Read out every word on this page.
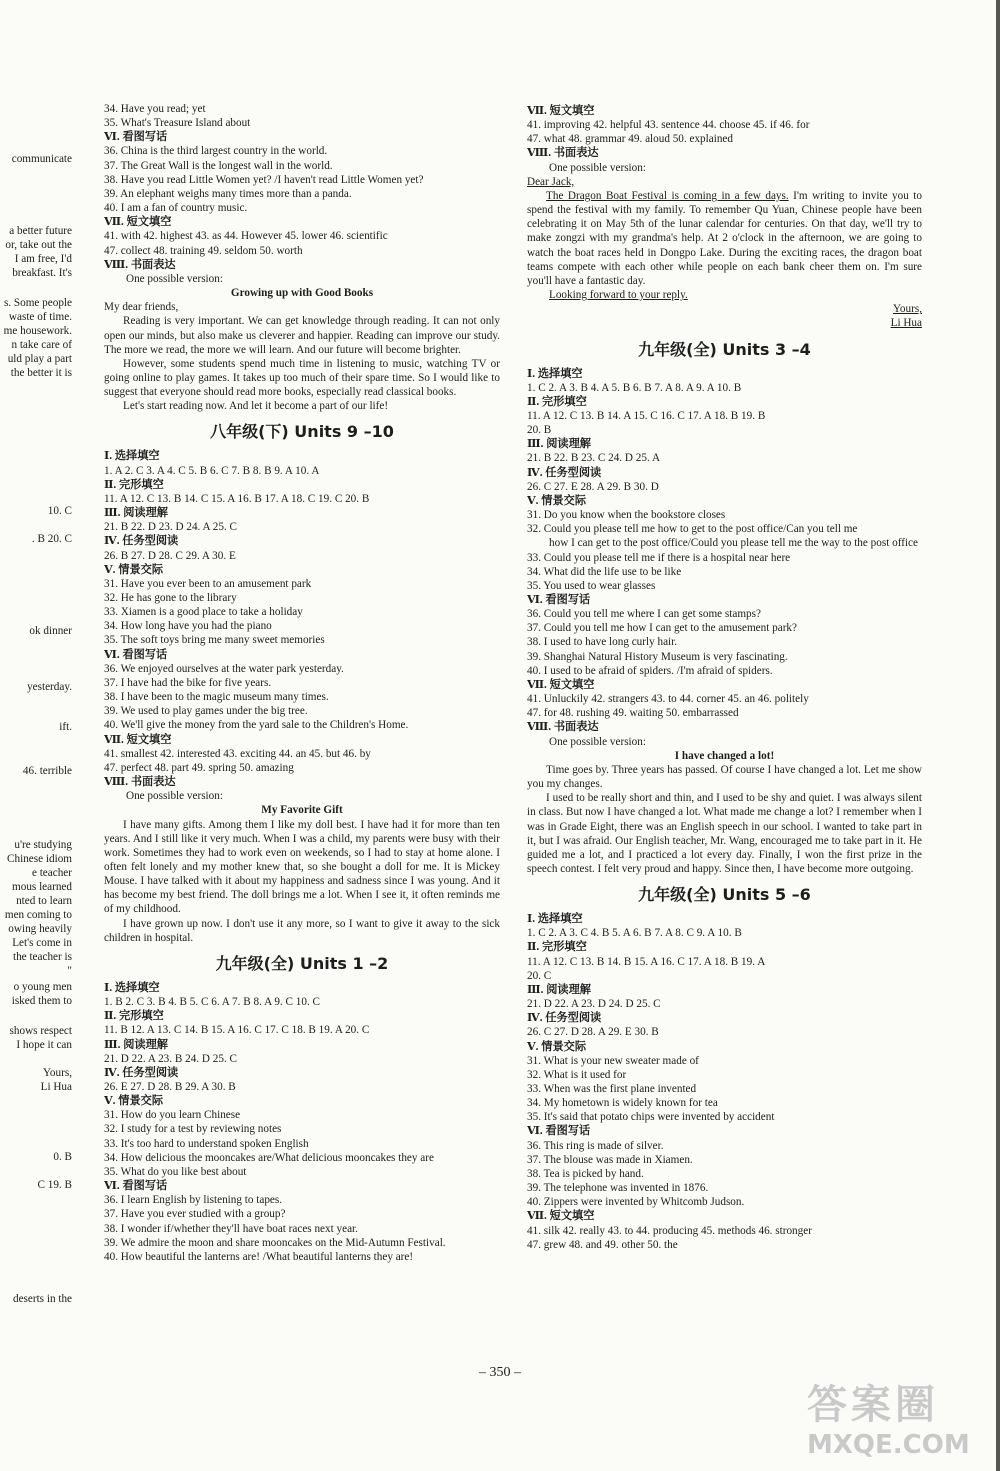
communicate
a better future
or, take out the
I am free, I'd
breakfast. It's
s. Some people
waste of time.
me housework.
n take care of
uld play a part
the better it is
10. C
. B 20. C
ok dinner
yesterday.
ift.
46. terrible
u're studying
Chinese idiom
e teacher
mous learned
nted to learn
men coming to
owing heavily
Let's come in
the teacher is
"
o young men
isked them to
shows respect
I hope it can
Yours,
Li Hua
0. B
C 19. B
deserts in the
34. Have you read; yet
35. What's Treasure Island about
Ⅵ. 看图写话
36. China is the third largest country in the world.
37. The Great Wall is the longest wall in the world.
38. Have you read Little Women yet? /I haven't read Little Women yet?
39. An elephant weighs many times more than a panda.
40. I am a fan of country music.
Ⅶ. 短文填空
41. with 42. highest 43. as 44. However 45. lower 46. scientific
47. collect 48. training 49. seldom 50. worth
Ⅷ. 书面表达
One possible version:
Growing up with Good Books
My dear friends,
Reading is very important. We can get knowledge through reading. It can not only open our minds, but also make us cleverer and happier. Reading can improve our study. The more we read, the more we will learn. And our future will become brighter.
However, some students spend much time in listening to music, watching TV or going online to play games. It takes up too much of their spare time. So I would like to suggest that everyone should read more books, especially read classical books.
Let's start reading now. And let it become a part of our life!
八年级(下) Units 9 –10
Ⅰ. 选择填空
1. A 2. C 3. A 4. C 5. B 6. C 7. B 8. B 9. A 10. A
Ⅱ. 完形填空
11. A 12. C 13. B 14. C 15. A 16. B 17. A 18. C 19. C 20. B
Ⅲ. 阅读理解
21. B 22. D 23. D 24. A 25. C
Ⅳ. 任务型阅读
26. B 27. D 28. C 29. A 30. E
Ⅴ. 情景交际
31. Have you ever been to an amusement park
32. He has gone to the library
33. Xiamen is a good place to take a holiday
34. How long have you had the piano
35. The soft toys bring me many sweet memories
Ⅵ. 看图写话
36. We enjoyed ourselves at the water park yesterday.
37. I have had the bike for five years.
38. I have been to the magic museum many times.
39. We used to play games under the big tree.
40. We'll give the money from the yard sale to the Children's Home.
Ⅶ. 短文填空
41. smallest 42. interested 43. exciting 44. an 45. but 46. by
47. perfect 48. part 49. spring 50. amazing
Ⅷ. 书面表达
One possible version:
My Favorite Gift
I have many gifts. Among them I like my doll best. I have had it for more than ten years. And I still like it very much. When I was a child, my parents were busy with their work. Sometimes they had to work even on weekends, so I had to stay at home alone. I often felt lonely and my mother knew that, so she bought a doll for me. It is Mickey Mouse. I have talked with it about my happiness and sadness since I was young. And it has become my best friend. The doll brings me a lot. When I see it, it often reminds me of my childhood.
I have grown up now. I don't use it any more, so I want to give it away to the sick children in hospital.
九年级(全) Units 1 –2
Ⅰ. 选择填空
1. B 2. C 3. B 4. B 5. C 6. A 7. B 8. A 9. C 10. C
Ⅱ. 完形填空
11. B 12. A 13. C 14. B 15. A 16. C 17. C 18. B 19. A 20. C
Ⅲ. 阅读理解
21. D 22. A 23. B 24. D 25. C
Ⅳ. 任务型阅读
26. E 27. D 28. B 29. A 30. B
Ⅴ. 情景交际
31. How do you learn Chinese
32. I study for a test by reviewing notes
33. It's too hard to understand spoken English
34. How delicious the mooncakes are/What delicious mooncakes they are
35. What do you like best about
Ⅵ. 看图写话
36. I learn English by listening to tapes.
37. Have you ever studied with a group?
38. I wonder if/whether they'll have boat races next year.
39. We admire the moon and share mooncakes on the Mid-Autumn Festival.
40. How beautiful the lanterns are! /What beautiful lanterns they are!
Ⅶ. 短文填空
41. improving 42. helpful 43. sentence 44. choose 45. if 46. for
47. what 48. grammar 49. aloud 50. explained
Ⅷ. 书面表达
One possible version:
Dear Jack,
The Dragon Boat Festival is coming in a few days. I'm writing to invite you to spend the festival with my family. To remember Qu Yuan, Chinese people have been celebrating it on May 5th of the lunar calendar for centuries. On that day, we'll try to make zongzi with my grandma's help. At 2 o'clock in the afternoon, we are going to watch the boat races held in Dongpo Lake. During the exciting races, the dragon boat teams compete with each other while people on each bank cheer them on. I'm sure you'll have a fantastic day.
Looking forward to your reply.
Yours,
Li Hua
九年级(全) Units 3 –4
Ⅰ. 选择填空
1. C 2. A 3. B 4. A 5. B 6. B 7. A 8. A 9. A 10. B
Ⅱ. 完形填空
11. A 12. C 13. B 14. A 15. C 16. C 17. A 18. B 19. B
20. B
Ⅲ. 阅读理解
21. B 22. B 23. C 24. D 25. A
Ⅳ. 任务型阅读
26. C 27. E 28. A 29. B 30. D
Ⅴ. 情景交际
31. Do you know when the bookstore closes
32. Could you please tell me how to get to the post office/Can you tell me
how I can get to the post office/Could you please tell me the way to the post office
33. Could you please tell me if there is a hospital near here
34. What did the life use to be like
35. You used to wear glasses
Ⅵ. 看图写话
36. Could you tell me where I can get some stamps?
37. Could you tell me how I can get to the amusement park?
38. I used to have long curly hair.
39. Shanghai Natural History Museum is very fascinating.
40. I used to be afraid of spiders. /I'm afraid of spiders.
Ⅶ. 短文填空
41. Unluckily 42. strangers 43. to 44. corner 45. an 46. politely
47. for 48. rushing 49. waiting 50. embarrassed
Ⅷ. 书面表达
One possible version:
I have changed a lot!
Time goes by. Three years has passed. Of course I have changed a lot. Let me show you my changes.
I used to be really short and thin, and I used to be shy and quiet. I was always silent in class. But now I have changed a lot. What made me change a lot? I remember when I was in Grade Eight, there was an English speech in our school. I wanted to take part in it, but I was afraid. Our English teacher, Mr. Wang, encouraged me to take part in it. He guided me a lot, and I practiced a lot every day. Finally, I won the first prize in the speech contest. I felt very proud and happy. Since then, I have become more outgoing.
九年级(全) Units 5 –6
Ⅰ. 选择填空
1. C 2. A 3. C 4. B 5. A 6. B 7. A 8. C 9. A 10. B
Ⅱ. 完形填空
11. A 12. C 13. B 14. B 15. A 16. C 17. A 18. B 19. A
20. C
Ⅲ. 阅读理解
21. D 22. A 23. D 24. D 25. C
Ⅳ. 任务型阅读
26. C 27. D 28. A 29. E 30. B
Ⅴ. 情景交际
31. What is your new sweater made of
32. What is it used for
33. When was the first plane invented
34. My hometown is widely known for tea
35. It's said that potato chips were invented by accident
Ⅵ. 看图写话
36. This ring is made of silver.
37. The blouse was made in Xiamen.
38. Tea is picked by hand.
39. The telephone was invented in 1876.
40. Zippers were invented by Whitcomb Judson.
Ⅶ. 短文填空
41. silk 42. really 43. to 44. producing 45. methods 46. stronger
47. grew 48. and 49. other 50. the
– 350 –
答案圈
MXQE.COM
